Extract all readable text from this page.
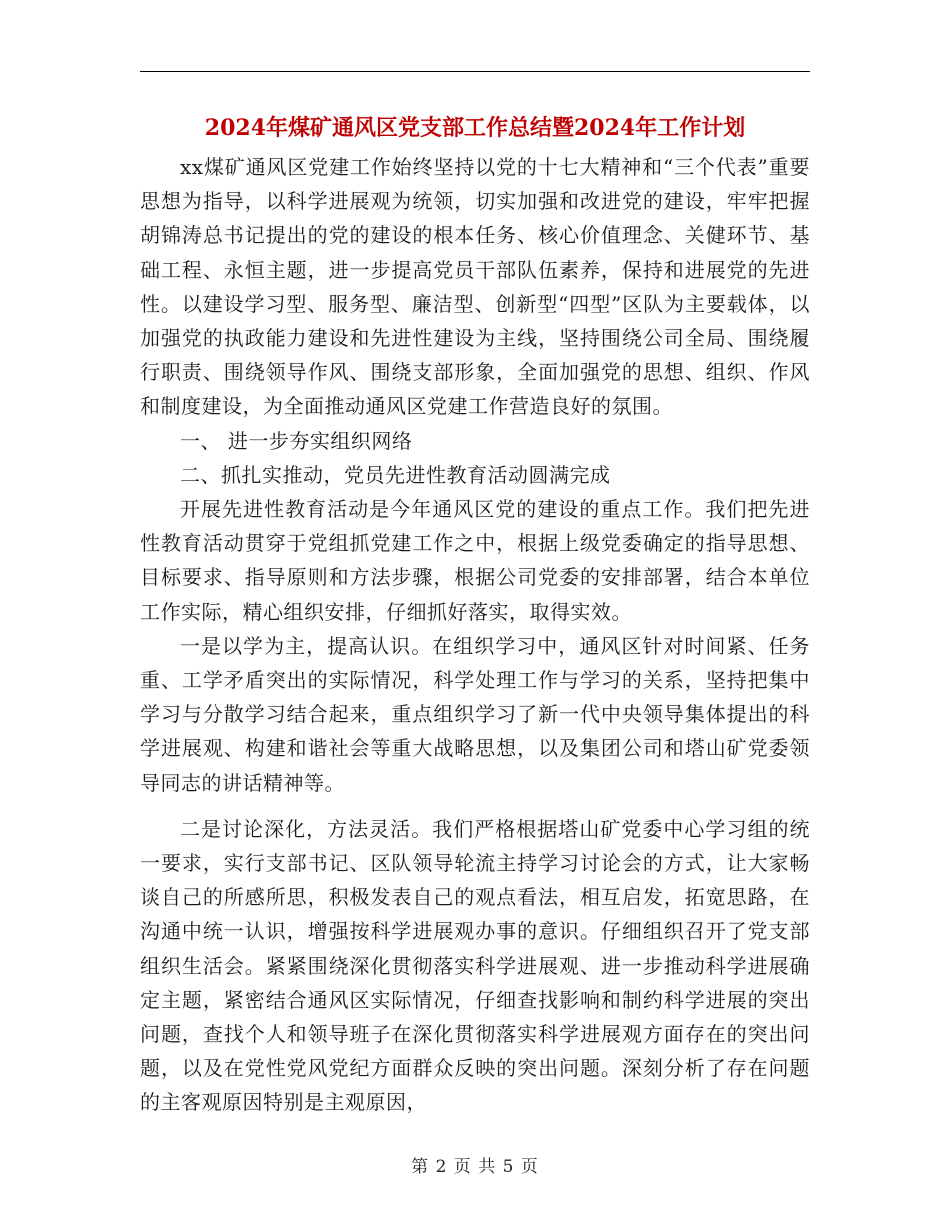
2024年煤矿通风区党支部工作总结暨2024年工作计划

xx煤矿通风区党建工作始终坚持以党的十七大精神和“三个代表”重要思想为指导，以科学进展观为统领，切实加强和改进党的建设，牢牢把握胡锦涛总书记提出的党的建设的根本任务、核心价值理念、关健环节、基础工程、永恒主题，进一步提高党员干部队伍素养，保持和进展党的先进性。以建设学习型、服务型、廉洁型、创新型“四型”区队为主要载体，以加强党的执政能力建设和先进性建设为主线，坚持围绕公司全局、围绕履行职责、围绕领导作风、围绕支部形象，全面加强党的思想、组织、作风和制度建设，为全面推动通风区党建工作营造良好的氛围。

一、 进一步夯实组织网络

二、抓扎实推动，党员先进性教育活动圆满完成

开展先进性教育活动是今年通风区党的建设的重点工作。我们把先进性教育活动贯穿于党组抓党建工作之中，根据上级党委确定的指导思想、目标要求、指导原则和方法步骤，根据公司党委的安排部署，结合本单位工作实际，精心组织安排，仔细抓好落实，取得实效。

一是以学为主，提高认识。在组织学习中，通风区针对时间紧、任务重、工学矛盾突出的实际情况，科学处理工作与学习的关系，坚持把集中学习与分散学习结合起来，重点组织学习了新一代中央领导集体提出的科学进展观、构建和谐社会等重大战略思想，以及集团公司和塔山矿党委领导同志的讲话精神等。

二是讨论深化，方法灵活。我们严格根据塔山矿党委中心学习组的统一要求，实行支部书记、区队领导轮流主持学习讨论会的方式，让大家畅谈自己的所感所思，积极发表自己的观点看法，相互启发，拓宽思路，在沟通中统一认识，增强按科学进展观办事的意识。仔细组织召开了党支部组织生活会。紧紧围绕深化贯彻落实科学进展观、进一步推动科学进展确定主题，紧密结合通风区实际情况，仔细查找影响和制约科学进展的突出问题，查找个人和领导班子在深化贯彻落实科学进展观方面存在的突出问题，以及在党性党风党纪方面群众反映的突出问题。深刻分析了存在问题的主客观原因特别是主观原因，

第 2 页 共 5 页
